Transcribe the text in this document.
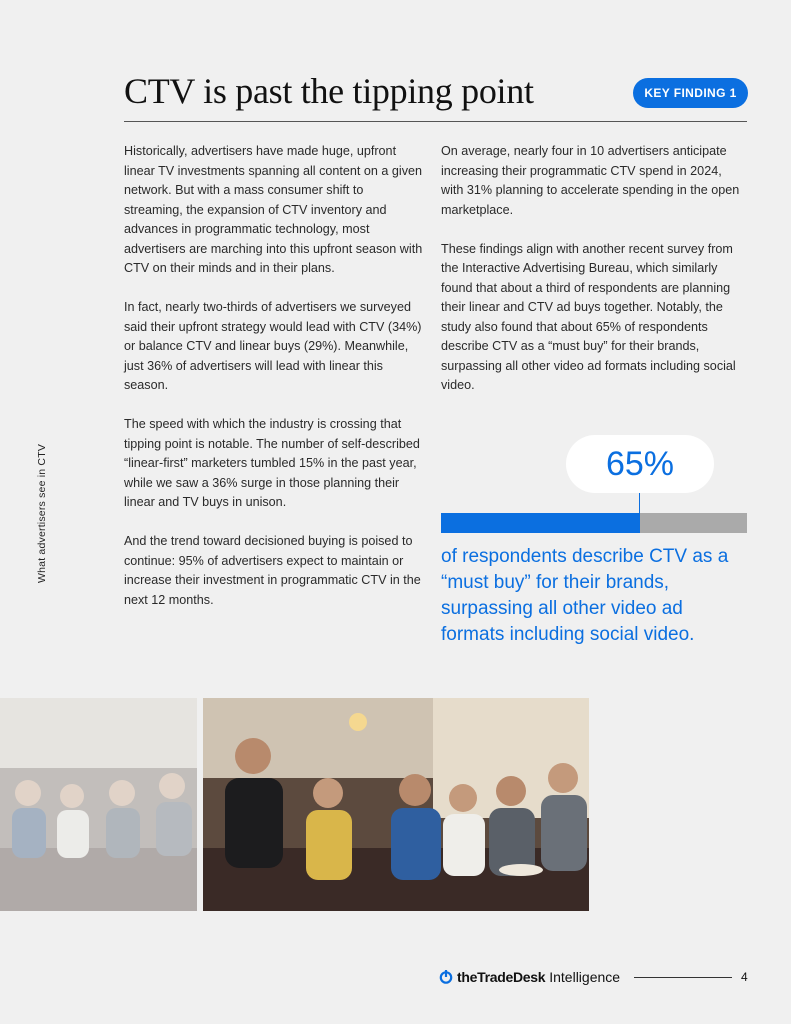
CTV is past the tipping point	KEY FINDING 1
What advertisers see in CTV

Historically, advertisers have made huge, upfront linear TV investments spanning all content on a given network. But with a mass consumer shift to streaming, the expansion of CTV inventory and advances in programmatic technology, most advertisers are marching into this upfront season with CTV on their minds and in their plans.

In fact, nearly two-thirds of advertisers we surveyed said their upfront strategy would lead with CTV (34%) or balance CTV and linear buys (29%). Meanwhile, just 36% of advertisers will lead with linear this season.

The speed with which the industry is crossing that tipping point is notable. The number of self-described “linear-first” marketers tumbled 15% in the past year, while we saw a 36% surge in those planning their linear and TV buys in unison.

And the trend toward decisioned buying is poised to continue: 95% of advertisers expect to maintain or increase their investment in programmatic CTV in the next 12 months.

On average, nearly four in 10 advertisers anticipate increasing their programmatic CTV spend in 2024, with 31% planning to accelerate spending in the open marketplace.

These findings align with another recent survey from the Interactive Advertising Bureau, which similarly found that about a third of respondents are planning their linear and CTV ad buys together. Notably, the study also found that about 65% of respondents describe CTV as a “must buy” for their brands, surpassing all other video ad formats including social video.

65%

of respondents describe CTV as a “must buy” for their brands, surpassing all other video ad formats including social video.

theTradeDesk Intelligence	4
